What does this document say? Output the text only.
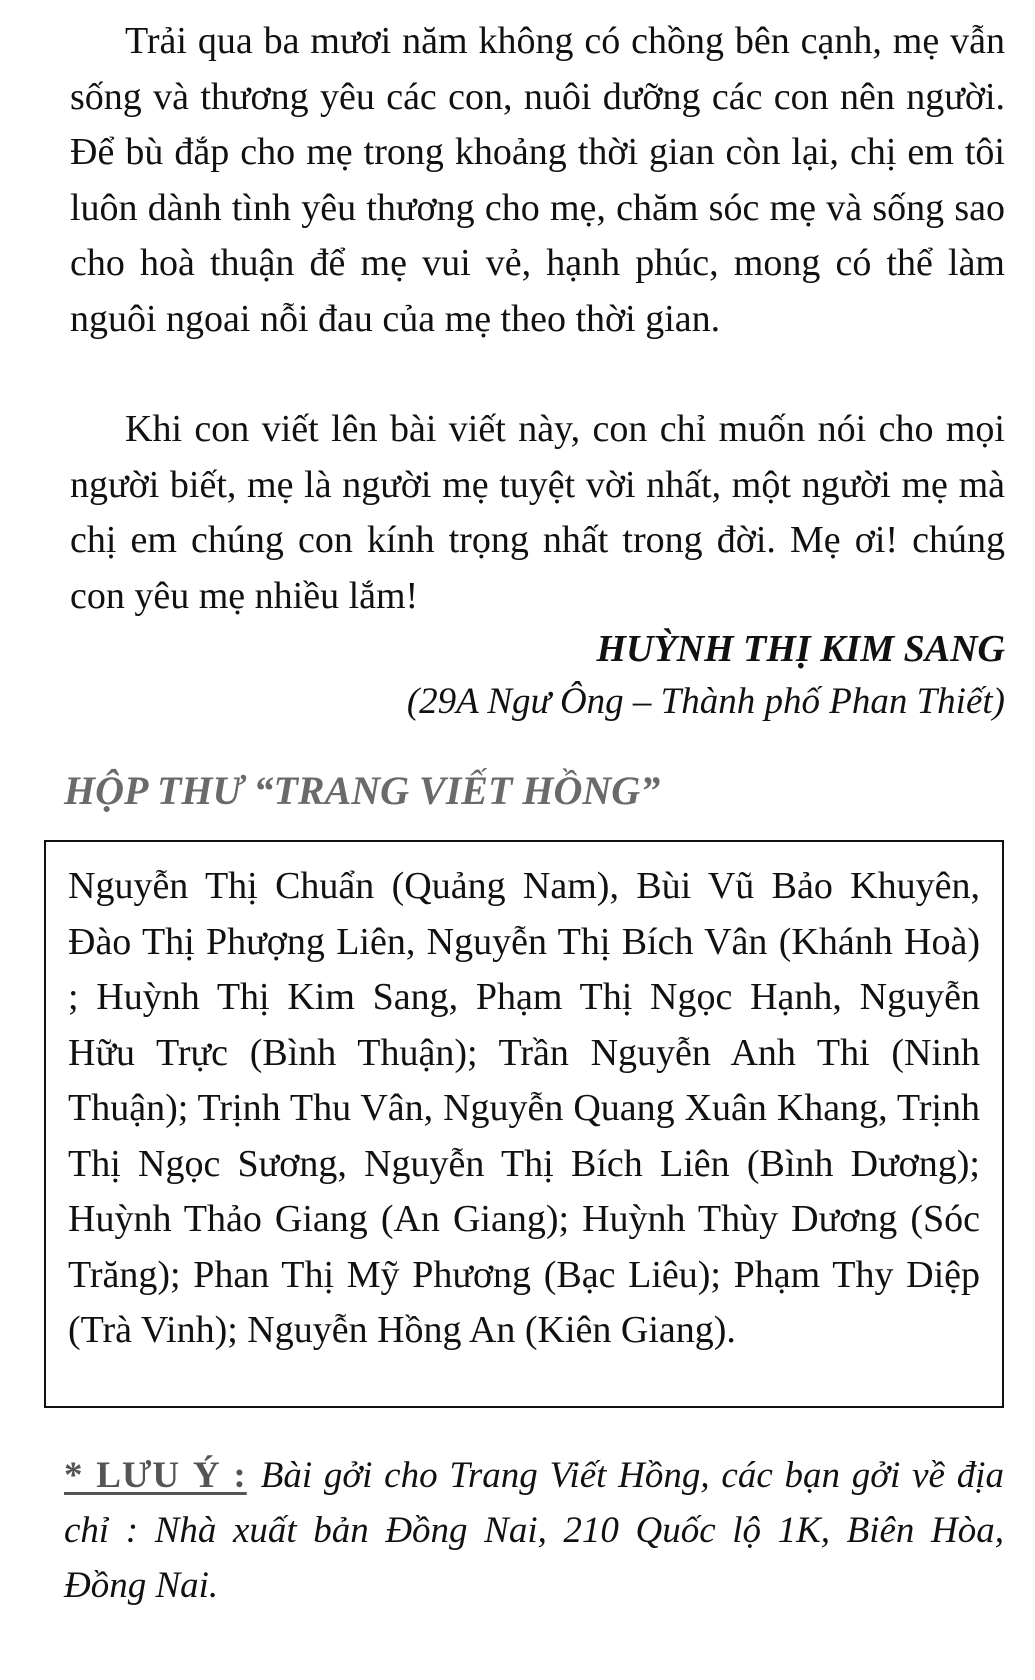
Trải qua ba mươi năm không có chồng bên cạnh, mẹ vẫn sống và thương yêu các con, nuôi dưỡng các con nên người. Để bù đắp cho mẹ trong khoảng thời gian còn lại, chị em tôi luôn dành tình yêu thương cho mẹ, chăm sóc mẹ và sống sao cho hoà thuận để mẹ vui vẻ, hạnh phúc, mong có thể làm nguôi ngoai nỗi đau của mẹ theo thời gian.

Khi con viết lên bài viết này, con chỉ muốn nói cho mọi người biết, mẹ là người mẹ tuyệt vời nhất, một người mẹ mà chị em chúng con kính trọng nhất trong đời. Mẹ ơi! chúng con yêu mẹ nhiều lắm!

HUỲNH THỊ KIM SANG

(29A Ngư Ông – Thành phố Phan Thiết)

HỘP THƯ “TRANG VIẾT HỒNG”

Nguyễn Thị Chuẩn (Quảng Nam), Bùi Vũ Bảo Khuyên, Đào Thị Phượng Liên, Nguyễn Thị Bích Vân (Khánh Hoà) ; Huỳnh Thị Kim Sang, Phạm Thị Ngọc Hạnh, Nguyễn Hữu Trực (Bình Thuận); Trần Nguyễn Anh Thi (Ninh Thuận); Trịnh Thu Vân, Nguyễn Quang Xuân Khang, Trịnh Thị Ngọc Sương, Nguyễn Thị Bích Liên (Bình Dương); Huỳnh Thảo Giang (An Giang); Huỳnh Thùy Dương (Sóc Trăng); Phan Thị Mỹ Phương (Bạc Liêu); Phạm Thy Diệp (Trà Vinh); Nguyễn Hồng An (Kiên Giang).

* LƯU Ý : Bài gởi cho Trang Viết Hồng, các bạn gởi về địa chỉ : Nhà xuất bản Đồng Nai, 210 Quốc lộ 1K, Biên Hòa, Đồng Nai.
